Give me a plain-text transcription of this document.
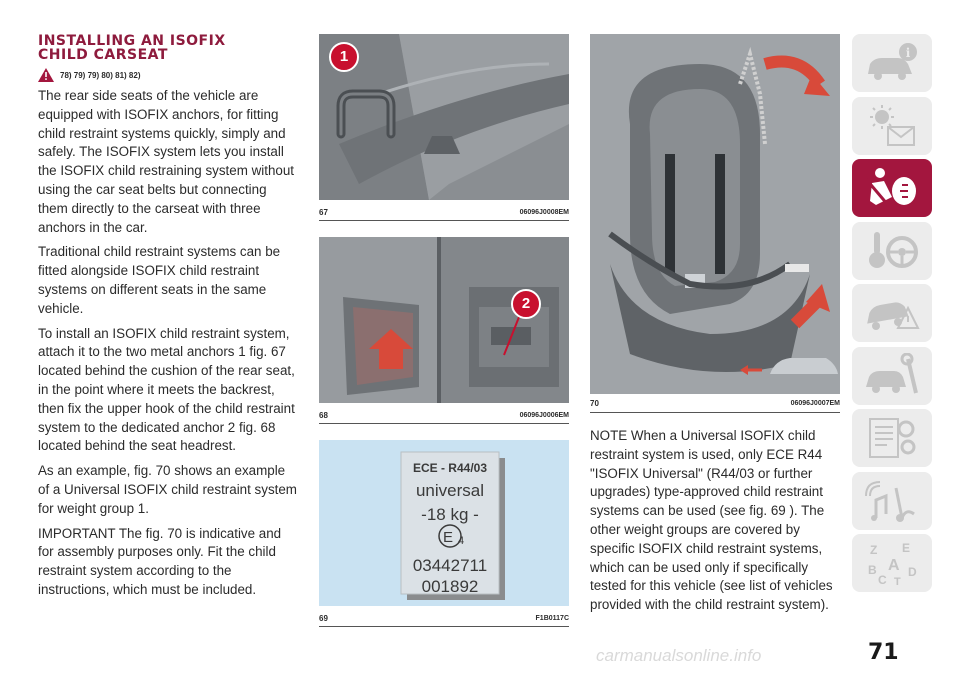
INSTALLING AN ISOFIX
CHILD CARSEAT
78) 79) 79) 80) 81) 82)

The rear side seats of the vehicle are equipped with ISOFIX anchors, for fitting child restraint systems quickly, simply and safely. The ISOFIX system lets you install the ISOFIX child restraining system without using the car seat belts but connecting them directly to the carseat with three anchors in the car.

Traditional child restraint systems can be fitted alongside ISOFIX child restraint systems on different seats in the same vehicle.

To install an ISOFIX child restraint system, attach it to the two metal anchors 1 fig. 67 located behind the cushion of the rear seat, in the point where it meets the backrest, then fix the upper hook of the child restraint system to the dedicated anchor 2 fig. 68 located behind the seat headrest.

As an example, fig. 70 shows an example of a Universal ISOFIX child restraint system for weight group 1.

IMPORTANT The fig. 70 is indicative and for assembly purposes only. Fit the child restraint system according to the instructions, which must be included.

1
67	06096J0008EM
2
68	06096J0006EM
ECE - R44/03
universal
-18 kg -
E 4
03442711
001892
69	F1B0117C
70	06096J0007EM
NOTE When a Universal ISOFIX child restraint system is used, only ECE R44 "ISOFIX Universal" (R44/03 or further upgrades) type-approved child restraint systems can be used (see fig. 69 ). The other weight groups are covered by specific ISOFIX child restraint systems, which can be used only if specifically tested for this vehicle (see list of vehicles provided with the child restraint system).
i
Z E
A
B
C
D
T
carmanualsonline.info	71
